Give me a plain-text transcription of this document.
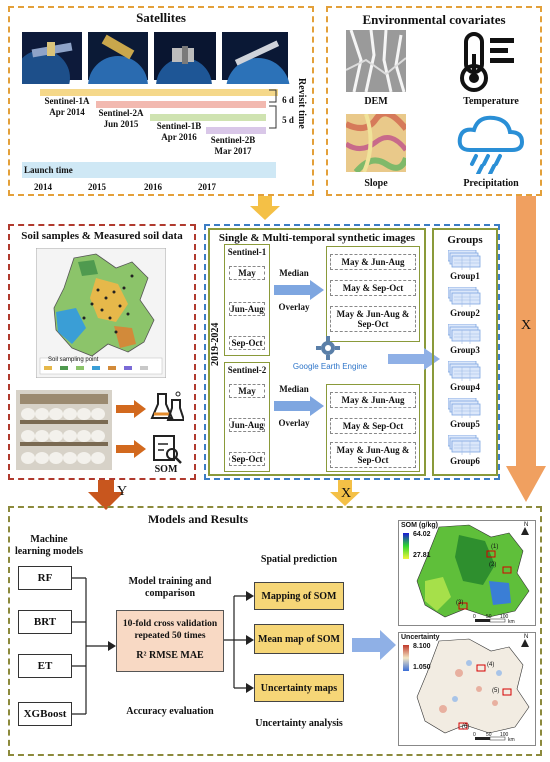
Satellites
Sentinel-1A
Apr 2014	Sentinel-2A
Jun 2015	Sentinel-1B
Apr 2016	Sentinel-2B
Mar 2017
6 d
5 d Revisit time
Launch time
2014	2015	2016	2017
Environmental covariates
DEM	Temperature
Slope	Precipitation
X
Soil samples & Measured soil data
Soil sampling point
SOM
Y
Single & Multi-temporal synthetic images
2019-2024
Sentinel-1
May
Jun-Aug
Sep-Oct
Sentinel-2
May
Jun-Aug
Sep-Oct
Median
Overlay
Median
Overlay
May & Jun-Aug
May & Sep-Oct
May & Jun-Aug & Sep-Oct
Google Earth Engine
May & Jun-Aug
May & Sep-Oct
May & Jun-Aug & Sep-Oct
Groups
Group1
Group2
Group3
Group4
Group5
Group6
X
Models and Results
Machine learning models
RF
BRT
ET
XGBoost
Model training and comparison
10-fold cross validation repeated 50 times
R² RMSE MAE
Accuracy evaluation
Spatial prediction
Mapping of SOM
Mean map of SOM
Uncertainty maps
Uncertainty analysis
SOM (g/kg)
64.02
27.81
(1)
(2)
(3)
N
0 50 100
km
Uncertainty
8.100
1.050	(4)
(5)
(6)
N
0 50 100
km
